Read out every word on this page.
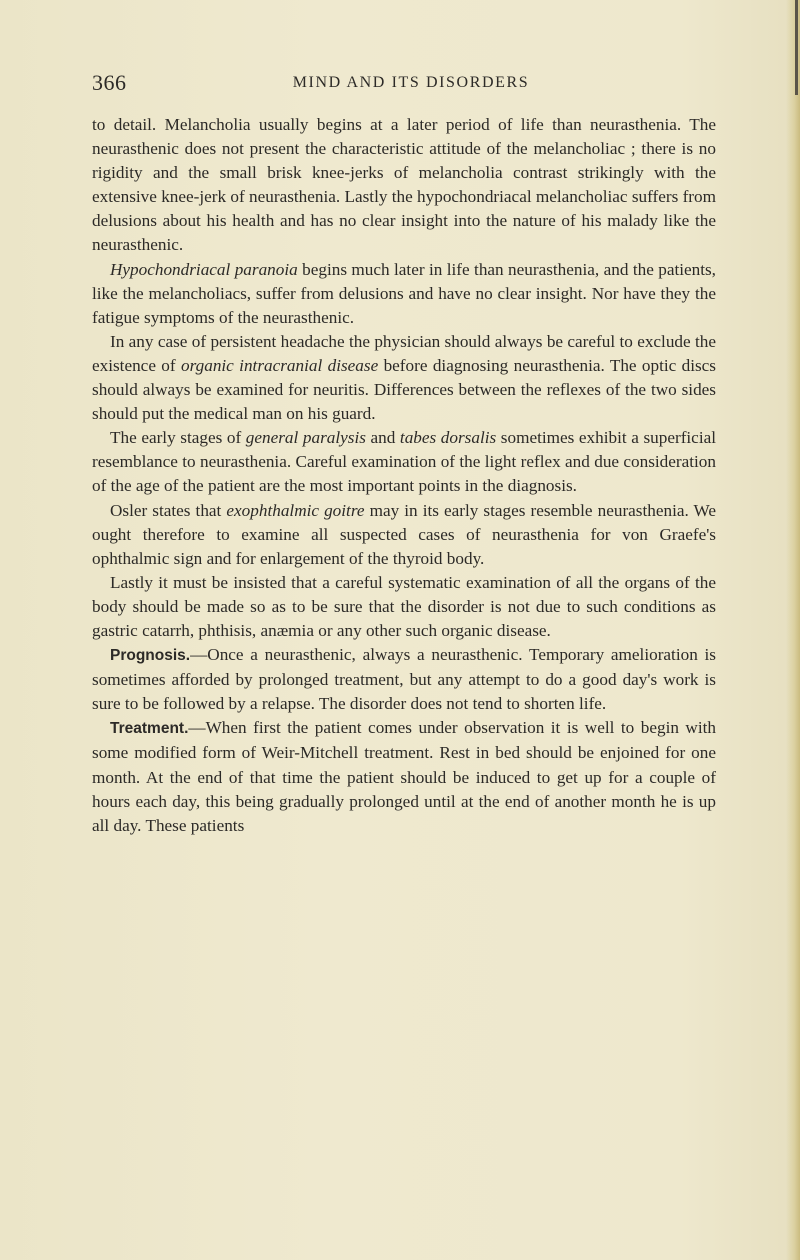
366	MIND AND ITS DISORDERS

to detail. Melancholia usually begins at a later period of life than neurasthenia. The neurasthenic does not present the characteristic attitude of the melancholiac ; there is no rigidity and the small brisk knee-jerks of melancholia contrast strikingly with the extensive knee-jerk of neurasthenia. Lastly the hypochondriacal melancholiac suffers from delusions about his health and has no clear insight into the nature of his malady like the neurasthenic.

Hypochondriacal paranoia begins much later in life than neurasthenia, and the patients, like the melancholiacs, suffer from delusions and have no clear insight. Nor have they the fatigue symptoms of the neurasthenic.

In any case of persistent headache the physician should always be careful to exclude the existence of organic intracranial disease before diagnosing neurasthenia. The optic discs should always be examined for neuritis. Differences between the reflexes of the two sides should put the medical man on his guard.

The early stages of general paralysis and tabes dorsalis sometimes exhibit a superficial resemblance to neurasthenia. Careful examination of the light reflex and due consideration of the age of the patient are the most important points in the diagnosis.

Osler states that exophthalmic goitre may in its early stages resemble neurasthenia. We ought therefore to examine all suspected cases of neurasthenia for von Graefe's ophthalmic sign and for enlargement of the thyroid body.

Lastly it must be insisted that a careful systematic examination of all the organs of the body should be made so as to be sure that the disorder is not due to such conditions as gastric catarrh, phthisis, anæmia or any other such organic disease.

Prognosis.—Once a neurasthenic, always a neurasthenic. Temporary amelioration is sometimes afforded by prolonged treatment, but any attempt to do a good day's work is sure to be followed by a relapse. The disorder does not tend to shorten life.

Treatment.—When first the patient comes under observation it is well to begin with some modified form of Weir-Mitchell treatment. Rest in bed should be enjoined for one month. At the end of that time the patient should be induced to get up for a couple of hours each day, this being gradually prolonged until at the end of another month he is up all day. These patients
